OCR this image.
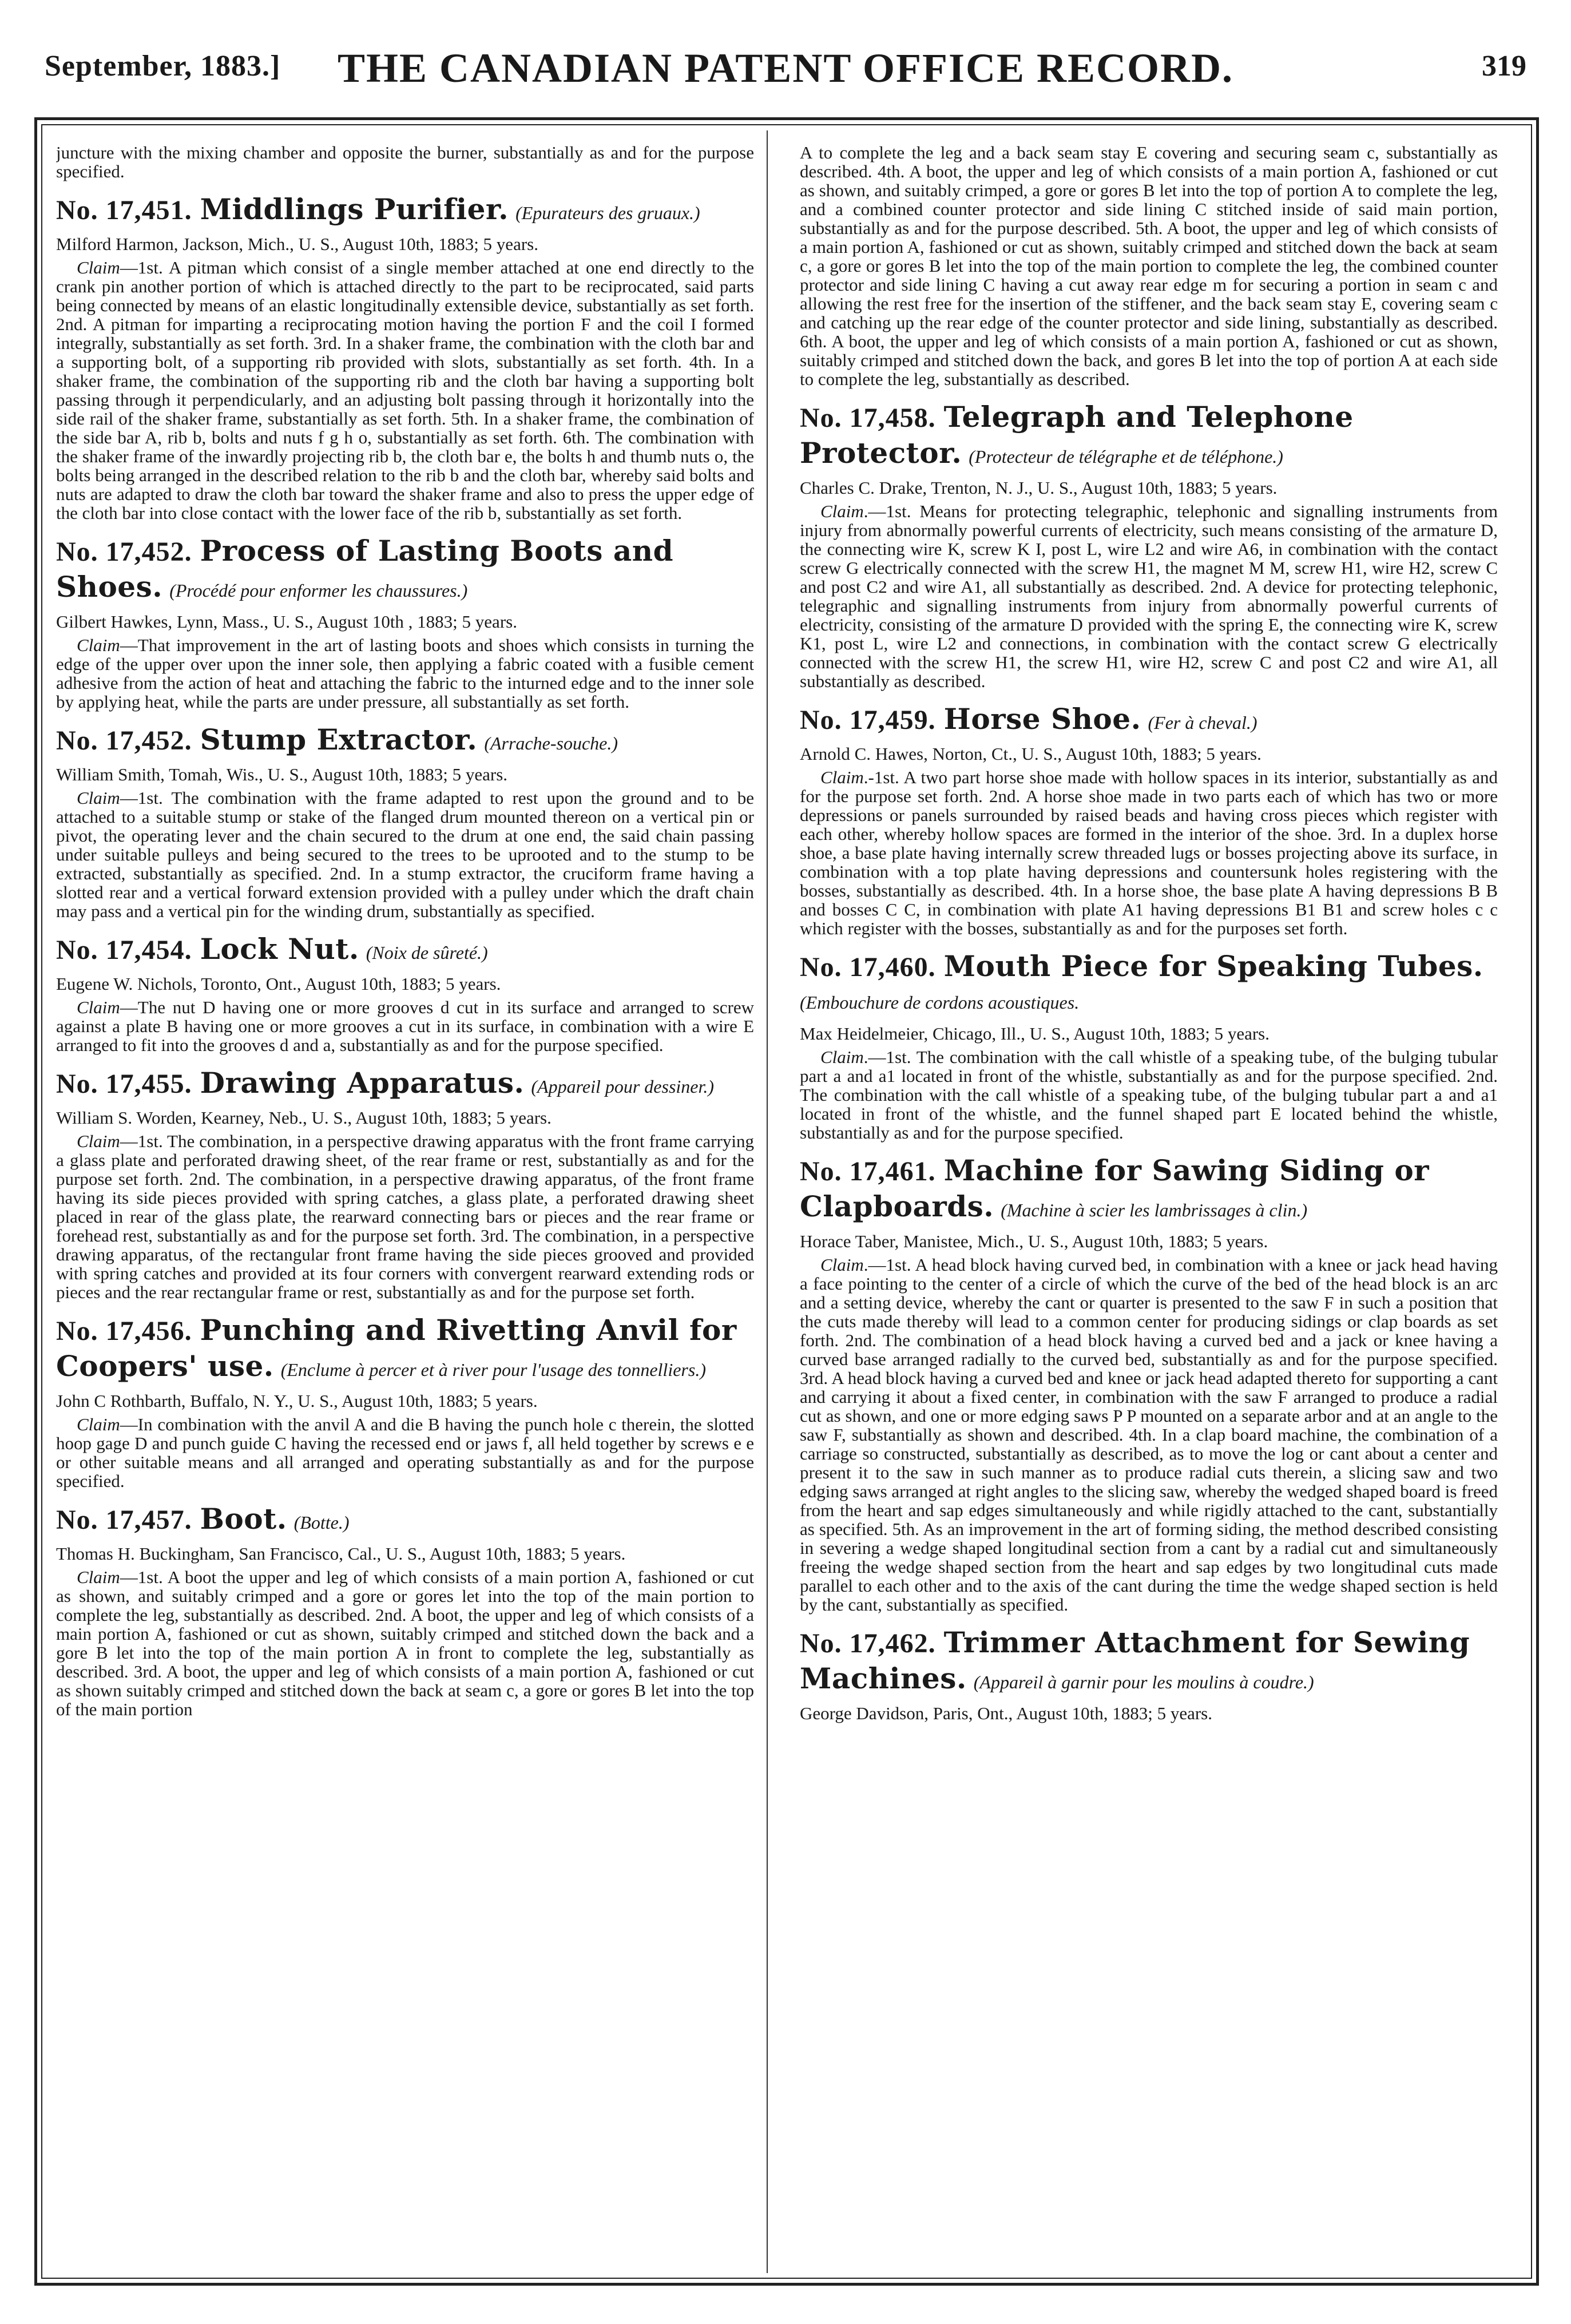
September, 1883.]	THE CANADIAN PATENT OFFICE RECORD.	319

juncture with the mixing chamber and opposite the burner, substantially as and for the purpose specified.

No. 17,451. Middlings Purifier. (Epurateurs des gruaux.)
Milford Harmon, Jackson, Mich., U. S., August 10th, 1883; 5 years.

Claim—1st. A pitman which consist of a single member attached at one end directly to the crank pin another portion of which is attached directly to the part to be reciprocated, said parts being connected by means of an elastic longitudinally extensible device, substantially as set forth. 2nd. A pitman for imparting a reciprocating motion having the portion F and the coil I formed integrally, substantially as set forth. 3rd. In a shaker frame, the combination with the cloth bar and a supporting bolt, of a supporting rib provided with slots, substantially as set forth. 4th. In a shaker frame, the combination of the supporting rib and the cloth bar having a supporting bolt passing through it perpendicularly, and an adjusting bolt passing through it horizontally into the side rail of the shaker frame, substantially as set forth. 5th. In a shaker frame, the combination of the side bar A, rib b, bolts and nuts f g h o, substantially as set forth. 6th. The combination with the shaker frame of the inwardly projecting rib b, the cloth bar e, the bolts h and thumb nuts o, the bolts being arranged in the described relation to the rib b and the cloth bar, whereby said bolts and nuts are adapted to draw the cloth bar toward the shaker frame and also to press the upper edge of the cloth bar into close contact with the lower face of the rib b, substantially as set forth.

No. 17,452. Process of Lasting Boots and Shoes. (Procédé pour enformer les chaussures.)
Gilbert Hawkes, Lynn, Mass., U. S., August 10th , 1883; 5 years.

Claim—That improvement in the art of lasting boots and shoes which consists in turning the edge of the upper over upon the inner sole, then applying a fabric coated with a fusible cement adhesive from the action of heat and attaching the fabric to the inturned edge and to the inner sole by applying heat, while the parts are under pressure, all substantially as set forth.

No. 17,452. Stump Extractor. (Arrache-souche.)
William Smith, Tomah, Wis., U. S., August 10th, 1883; 5 years.

Claim—1st. The combination with the frame adapted to rest upon the ground and to be attached to a suitable stump or stake of the flanged drum mounted thereon on a vertical pin or pivot, the operating lever and the chain secured to the drum at one end, the said chain passing under suitable pulleys and being secured to the trees to be uprooted and to the stump to be extracted, substantially as specified. 2nd. In a stump extractor, the cruciform frame having a slotted rear and a vertical forward extension provided with a pulley under which the draft chain may pass and a vertical pin for the winding drum, substantially as specified.

No. 17,454. Lock Nut. (Noix de sûreté.)
Eugene W. Nichols, Toronto, Ont., August 10th, 1883; 5 years.

Claim—The nut D having one or more grooves d cut in its surface and arranged to screw against a plate B having one or more grooves a cut in its surface, in combination with a wire E arranged to fit into the grooves d and a, substantially as and for the purpose specified.

No. 17,455. Drawing Apparatus. (Appareil pour dessiner.)
William S. Worden, Kearney, Neb., U. S., August 10th, 1883; 5 years.

Claim—1st. The combination, in a perspective drawing apparatus with the front frame carrying a glass plate and perforated drawing sheet, of the rear frame or rest, substantially as and for the purpose set forth. 2nd. The combination, in a perspective drawing apparatus, of the front frame having its side pieces provided with spring catches, a glass plate, a perforated drawing sheet placed in rear of the glass plate, the rearward connecting bars or pieces and the rear frame or forehead rest, substantially as and for the purpose set forth. 3rd. The combination, in a perspective drawing apparatus, of the rectangular front frame having the side pieces grooved and provided with spring catches and provided at its four corners with convergent rearward extending rods or pieces and the rear rectangular frame or rest, substantially as and for the purpose set forth.

No. 17,456. Punching and Rivetting Anvil for Coopers' use. (Enclume à percer et à river pour l'usage des tonnelliers.)
John C Rothbarth, Buffalo, N. Y., U. S., August 10th, 1883; 5 years.

Claim—In combination with the anvil A and die B having the punch hole c therein, the slotted hoop gage D and punch guide C having the recessed end or jaws f, all held together by screws e e or other suitable means and all arranged and operating substantially as and for the purpose specified.

No. 17,457. Boot. (Botte.)
Thomas H. Buckingham, San Francisco, Cal., U. S., August 10th, 1883; 5 years.

Claim—1st. A boot the upper and leg of which consists of a main portion A, fashioned or cut as shown, and suitably crimped and a gore or gores let into the top of the main portion to complete the leg, substantially as described. 2nd. A boot, the upper and leg of which consists of a main portion A, fashioned or cut as shown, suitably crimped and stitched down the back and a gore B let into the top of the main portion A in front to complete the leg, substantially as described. 3rd. A boot, the upper and leg of which consists of a main portion A, fashioned or cut as shown suitably crimped and stitched down the back at seam c, a gore or gores B let into the top of the main portion

A to complete the leg and a back seam stay E covering and securing seam c, substantially as described. 4th. A boot, the upper and leg of which consists of a main portion A, fashioned or cut as shown, and suitably crimped, a gore or gores B let into the top of portion A to complete the leg, and a combined counter protector and side lining C stitched inside of said main portion, substantially as and for the purpose described. 5th. A boot, the upper and leg of which consists of a main portion A, fashioned or cut as shown, suitably crimped and stitched down the back at seam c, a gore or gores B let into the top of the main portion to complete the leg, the combined counter protector and side lining C having a cut away rear edge m for securing a portion in seam c and allowing the rest free for the insertion of the stiffener, and the back seam stay E, covering seam c and catching up the rear edge of the counter protector and side lining, substantially as described. 6th. A boot, the upper and leg of which consists of a main portion A, fashioned or cut as shown, suitably crimped and stitched down the back, and gores B let into the top of portion A at each side to complete the leg, substantially as described.

No. 17,458. Telegraph and Telephone Protector. (Protecteur de télégraphe et de téléphone.)
Charles C. Drake, Trenton, N. J., U. S., August 10th, 1883; 5 years.

Claim.—1st. Means for protecting telegraphic, telephonic and signalling instruments from injury from abnormally powerful currents of electricity, such means consisting of the armature D, the connecting wire K, screw K I, post L, wire L2 and wire A6, in combination with the contact screw G electrically connected with the screw H1, the magnet M M, screw H1, wire H2, screw C and post C2 and wire A1, all substantially as described. 2nd. A device for protecting telephonic, telegraphic and signalling instruments from injury from abnormally powerful currents of electricity, consisting of the armature D provided with the spring E, the connecting wire K, screw K1, post L, wire L2 and connections, in combination with the contact screw G electrically connected with the screw H1, the screw H1, wire H2, screw C and post C2 and wire A1, all substantially as described.

No. 17,459. Horse Shoe. (Fer à cheval.)
Arnold C. Hawes, Norton, Ct., U. S., August 10th, 1883; 5 years.

Claim.-1st. A two part horse shoe made with hollow spaces in its interior, substantially as and for the purpose set forth. 2nd. A horse shoe made in two parts each of which has two or more depressions or panels surrounded by raised beads and having cross pieces which register with each other, whereby hollow spaces are formed in the interior of the shoe. 3rd. In a duplex horse shoe, a base plate having internally screw threaded lugs or bosses projecting above its surface, in combination with a top plate having depressions and countersunk holes registering with the bosses, substantially as described. 4th. In a horse shoe, the base plate A having depressions B B and bosses C C, in combination with plate A1 having depressions B1 B1 and screw holes c c which register with the bosses, substantially as and for the purposes set forth.

No. 17,460. Mouth Piece for Speaking Tubes.(Embouchure de cordons acoustiques.
Max Heidelmeier, Chicago, Ill., U. S., August 10th, 1883; 5 years.

Claim.—1st. The combination with the call whistle of a speaking tube, of the bulging tubular part a and a1 located in front of the whistle, substantially as and for the purpose specified. 2nd. The combination with the call whistle of a speaking tube, of the bulging tubular part a and a1 located in front of the whistle, and the funnel shaped part E located behind the whistle, substantially as and for the purpose specified.

No. 17,461. Machine for Sawing Siding or Clapboards. (Machine à scier les lambrissages à clin.)
Horace Taber, Manistee, Mich., U. S., August 10th, 1883; 5 years.

Claim.—1st. A head block having curved bed, in combination with a knee or jack head having a face pointing to the center of a circle of which the curve of the bed of the head block is an arc and a setting device, whereby the cant or quarter is presented to the saw F in such a position that the cuts made thereby will lead to a common center for producing sidings or clap boards as set forth. 2nd. The combination of a head block having a curved bed and a jack or knee having a curved base arranged radially to the curved bed, substantially as and for the purpose specified. 3rd. A head block having a curved bed and knee or jack head adapted thereto for supporting a cant and carrying it about a fixed center, in combination with the saw F arranged to produce a radial cut as shown, and one or more edging saws P P mounted on a separate arbor and at an angle to the saw F, substantially as shown and described. 4th. In a clap board machine, the combination of a carriage so constructed, substantially as described, as to move the log or cant about a center and present it to the saw in such manner as to produce radial cuts therein, a slicing saw and two edging saws arranged at right angles to the slicing saw, whereby the wedged shaped board is freed from the heart and sap edges simultaneously and while rigidly attached to the cant, substantially as specified. 5th. As an improvement in the art of forming siding, the method described consisting in severing a wedge shaped longitudinal section from a cant by a radial cut and simultaneously freeing the wedge shaped section from the heart and sap edges by two longitudinal cuts made parallel to each other and to the axis of the cant during the time the wedge shaped section is held by the cant, substantially as specified.

No. 17,462. Trimmer Attachment for Sewing Machines. (Appareil à garnir pour les moulins à coudre.)
George Davidson, Paris, Ont., August 10th, 1883; 5 years.
